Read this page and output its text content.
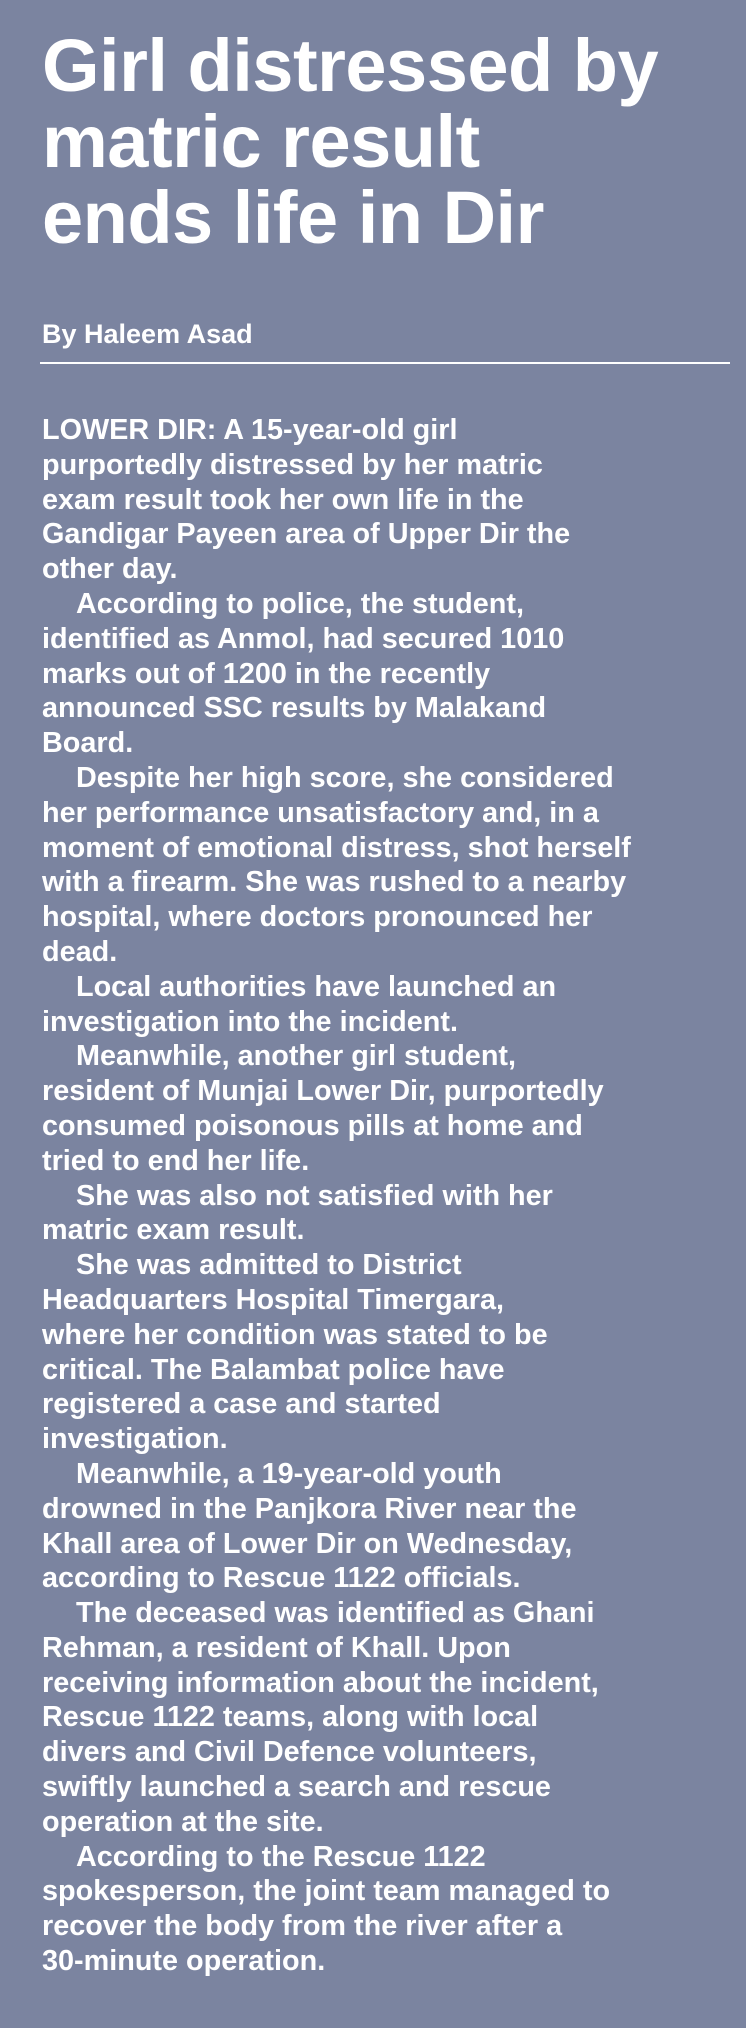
Girl distressed by
matric result
ends life in Dir

By Haleem Asad

LOWER DIR: A 15-year-old girl
purportedly distressed by her matric
exam result took her own life in the
Gandigar Payeen area of Upper Dir the
other day.

According to police, the student,
identified as Anmol, had secured 1010
marks out of 1200 in the recently
announced SSC results by Malakand
Board.

Despite her high score, she considered
her performance unsatisfactory and, in a
moment of emotional distress, shot herself
with a firearm. She was rushed to a nearby
hospital, where doctors pronounced her
dead.

Local authorities have launched an
investigation into the incident.

Meanwhile, another girl student,
resident of Munjai Lower Dir, purportedly
consumed poisonous pills at home and
tried to end her life.

She was also not satisfied with her
matric exam result.

She was admitted to District
Headquarters Hospital Timergara,
where her condition was stated to be
critical. The Balambat police have
registered a case and started
investigation.

Meanwhile, a 19-year-old youth
drowned in the Panjkora River near the
Khall area of Lower Dir on Wednesday,
according to Rescue 1122 officials.

The deceased was identified as Ghani
Rehman, a resident of Khall. Upon
receiving information about the incident,
Rescue 1122 teams, along with local
divers and Civil Defence volunteers,
swiftly launched a search and rescue
operation at the site.

According to the Rescue 1122
spokesperson, the joint team managed to
recover the body from the river after a
30-minute operation.
